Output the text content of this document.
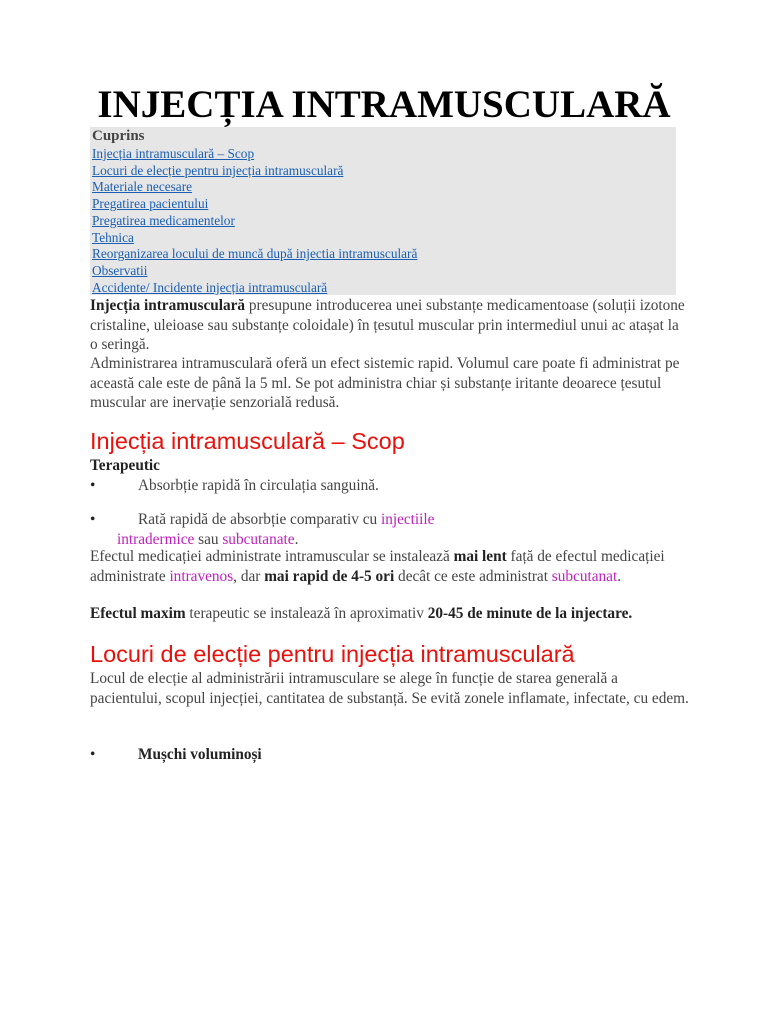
INJECȚIA INTRAMUSCULARĂ
Cuprins
Injecția intramusculară – Scop
Locuri de elecție pentru injecția intramusculară
Materiale necesare
Pregatirea pacientului
Pregatirea medicamentelor
Tehnica
Reorganizarea locului de muncă după injectia intramusculară
Observatii
Accidente/ Incidente injecția intramusculară
Injecția intramusculară presupune introducerea unei substanțe medicamentoase (soluții izotone cristaline, uleioase sau substanțe coloidale) în țesutul muscular prin intermediul unui ac atașat la o seringă.
Administrarea intramusculară oferă un efect sistemic rapid. Volumul care poate fi administrat pe această cale este de până la 5 ml. Se pot administra chiar și substanțe iritante deoarece țesutul muscular are inervație senzorială redusă.
Injecția intramusculară – Scop
Terapeutic
•	Absorbție rapidă în circulația sanguină.
•	Rată rapidă de absorbție comparativ cu injectiile
intradermice sau subcutanate.
Efectul medicației administrate intramuscular se instalează mai lent față de efectul medicației administrate intravenos, dar mai rapid de 4-5 ori decât ce este administrat subcutanat.
Efectul maxim terapeutic se instalează în aproximativ 20-45 de minute de la injectare.
Locuri de elecție pentru injecția intramusculară
Locul de elecție al administrării intramusculare se alege în funcție de starea generală a pacientului, scopul injecției, cantitatea de substanță. Se evită zonele inflamate, infectate, cu edem.
•	Mușchi voluminoși
